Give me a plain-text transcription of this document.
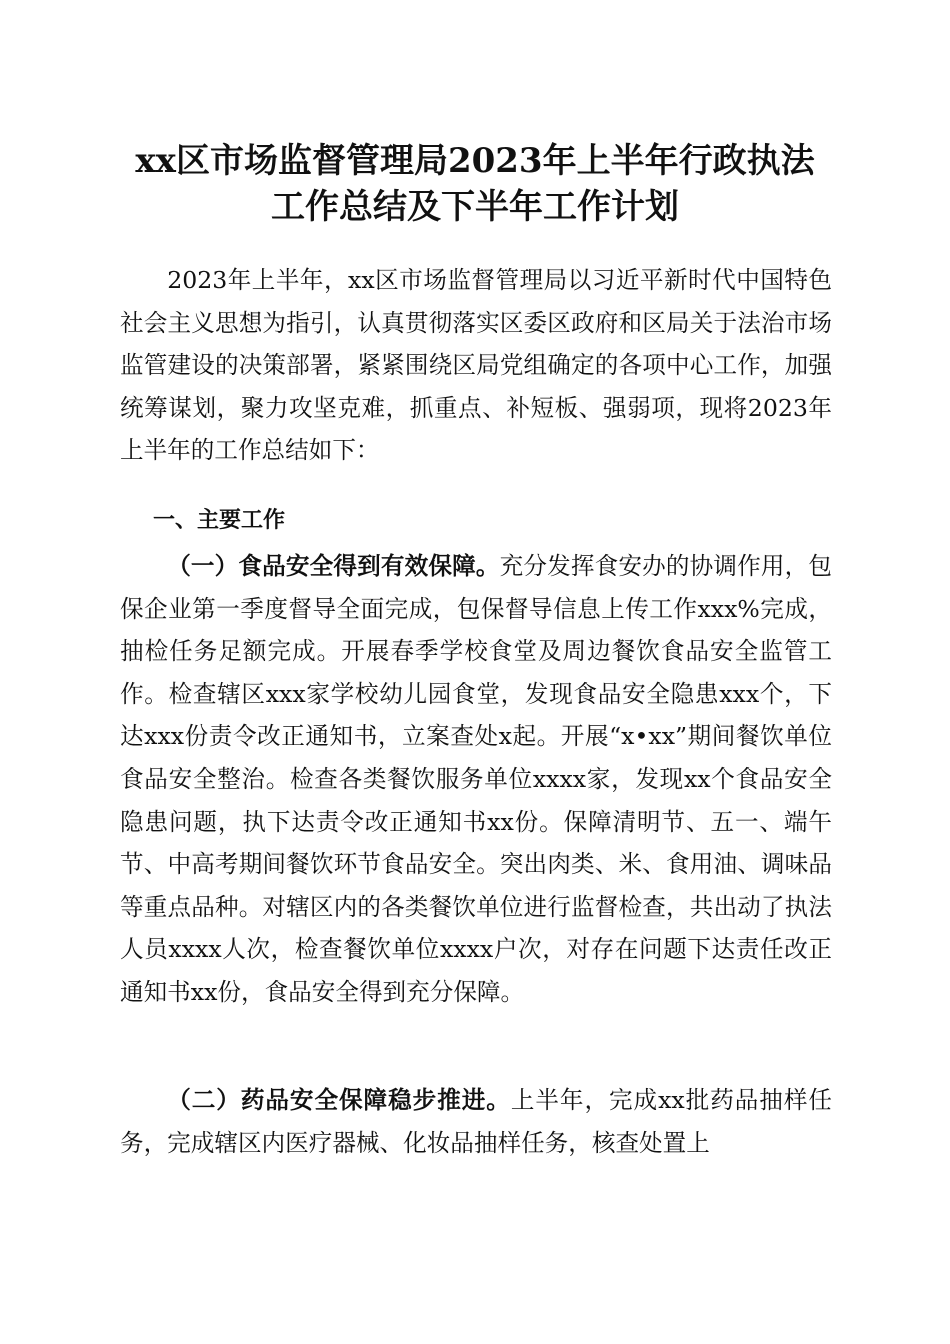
xx区市场监督管理局2023年上半年行政执法
工作总结及下半年工作计划

2023年上半年，xx区市场监督管理局以习近平新时代中国特色社会主义思想为指引，认真贯彻落实区委区政府和区局关于法治市场监管建设的决策部署，紧紧围绕区局党组确定的各项中心工作，加强统筹谋划，聚力攻坚克难，抓重点、补短板、强弱项，现将2023年上半年的工作总结如下：

一、主要工作

（一）食品安全得到有效保障。充分发挥食安办的协调作用，包保企业第一季度督导全面完成，包保督导信息上传工作xxx%完成，抽检任务足额完成。开展春季学校食堂及周边餐饮食品安全监管工作。检查辖区xxx家学校幼儿园食堂，发现食品安全隐患xxx个，下达xxx份责令改正通知书，立案查处x起。开展“x•xx”期间餐饮单位食品安全整治。检查各类餐饮服务单位xxxx家，发现xx个食品安全隐患问题，执下达责令改正通知书xx份。保障清明节、五一、端午节、中高考期间餐饮环节食品安全。突出肉类、米、食用油、调味品等重点品种。对辖区内的各类餐饮单位进行监督检查，共出动了执法人员xxxx人次，检查餐饮单位xxxx户次，对存在问题下达责任改正通知书xx份，食品安全得到充分保障。

（二）药品安全保障稳步推进。上半年，完成xx批药品抽样任务，完成辖区内医疗器械、化妆品抽样任务，核查处置上
